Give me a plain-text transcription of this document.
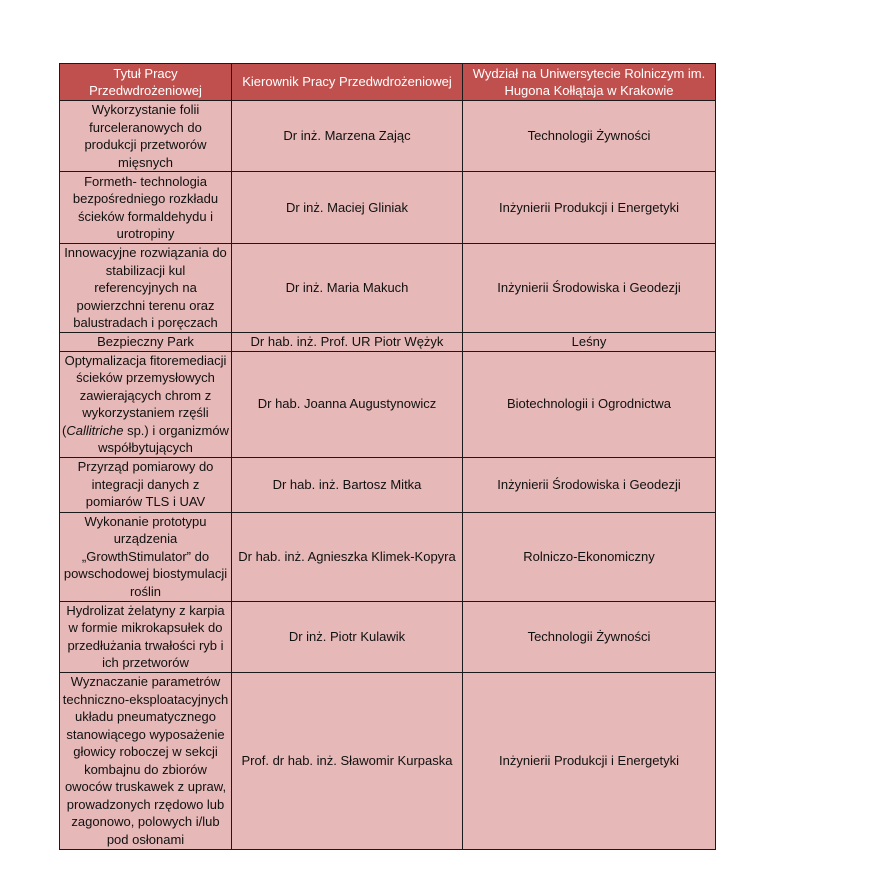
Tytuł Pracy Przedwdrożeniowej	Kierownik Pracy Przedwdrożeniowej	Wydział na Uniwersytecie Rolniczym im. Hugona Kołłątaja w Krakowie
Wykorzystanie folii furceleranowych do produkcji przetworów mięsnych	Dr inż. Marzena Zając	Technologii Żywności
Formeth- technologia bezpośredniego rozkładu ścieków formaldehydu i urotropiny	Dr inż. Maciej Gliniak	Inżynierii Produkcji i Energetyki
Innowacyjne rozwiązania do stabilizacji kul referencyjnych na powierzchni terenu oraz balustradach i poręczach	Dr inż. Maria Makuch	Inżynierii Środowiska i Geodezji
Bezpieczny Park	Dr hab. inż. Prof. UR Piotr Wężyk	Leśny
Optymalizacja fitoremediacji ścieków przemysłowych zawierających chrom z wykorzystaniem rzęśli (Callitriche sp.) i organizmów współbytujących	Dr hab. Joanna Augustynowicz	Biotechnologii i Ogrodnictwa
Przyrząd pomiarowy do integracji danych z pomiarów TLS i UAV	Dr hab. inż. Bartosz Mitka	Inżynierii Środowiska i Geodezji
Wykonanie prototypu urządzenia „GrowthStimulator” do powschodowej biostymulacji roślin	Dr hab. inż. Agnieszka Klimek-Kopyra	Rolniczo-Ekonomiczny
Hydrolizat żelatyny z karpia w formie mikrokapsułek do przedłużania trwałości ryb i ich przetworów	Dr inż. Piotr Kulawik	Technologii Żywności
Wyznaczanie parametrów techniczno-eksploatacyjnych układu pneumatycznego stanowiącego wyposażenie głowicy roboczej w sekcji kombajnu do zbiorów owoców truskawek z upraw, prowadzonych rzędowo lub zagonowo, polowych i/lub pod osłonami	Prof. dr hab. inż. Sławomir Kurpaska	Inżynierii Produkcji i Energetyki
